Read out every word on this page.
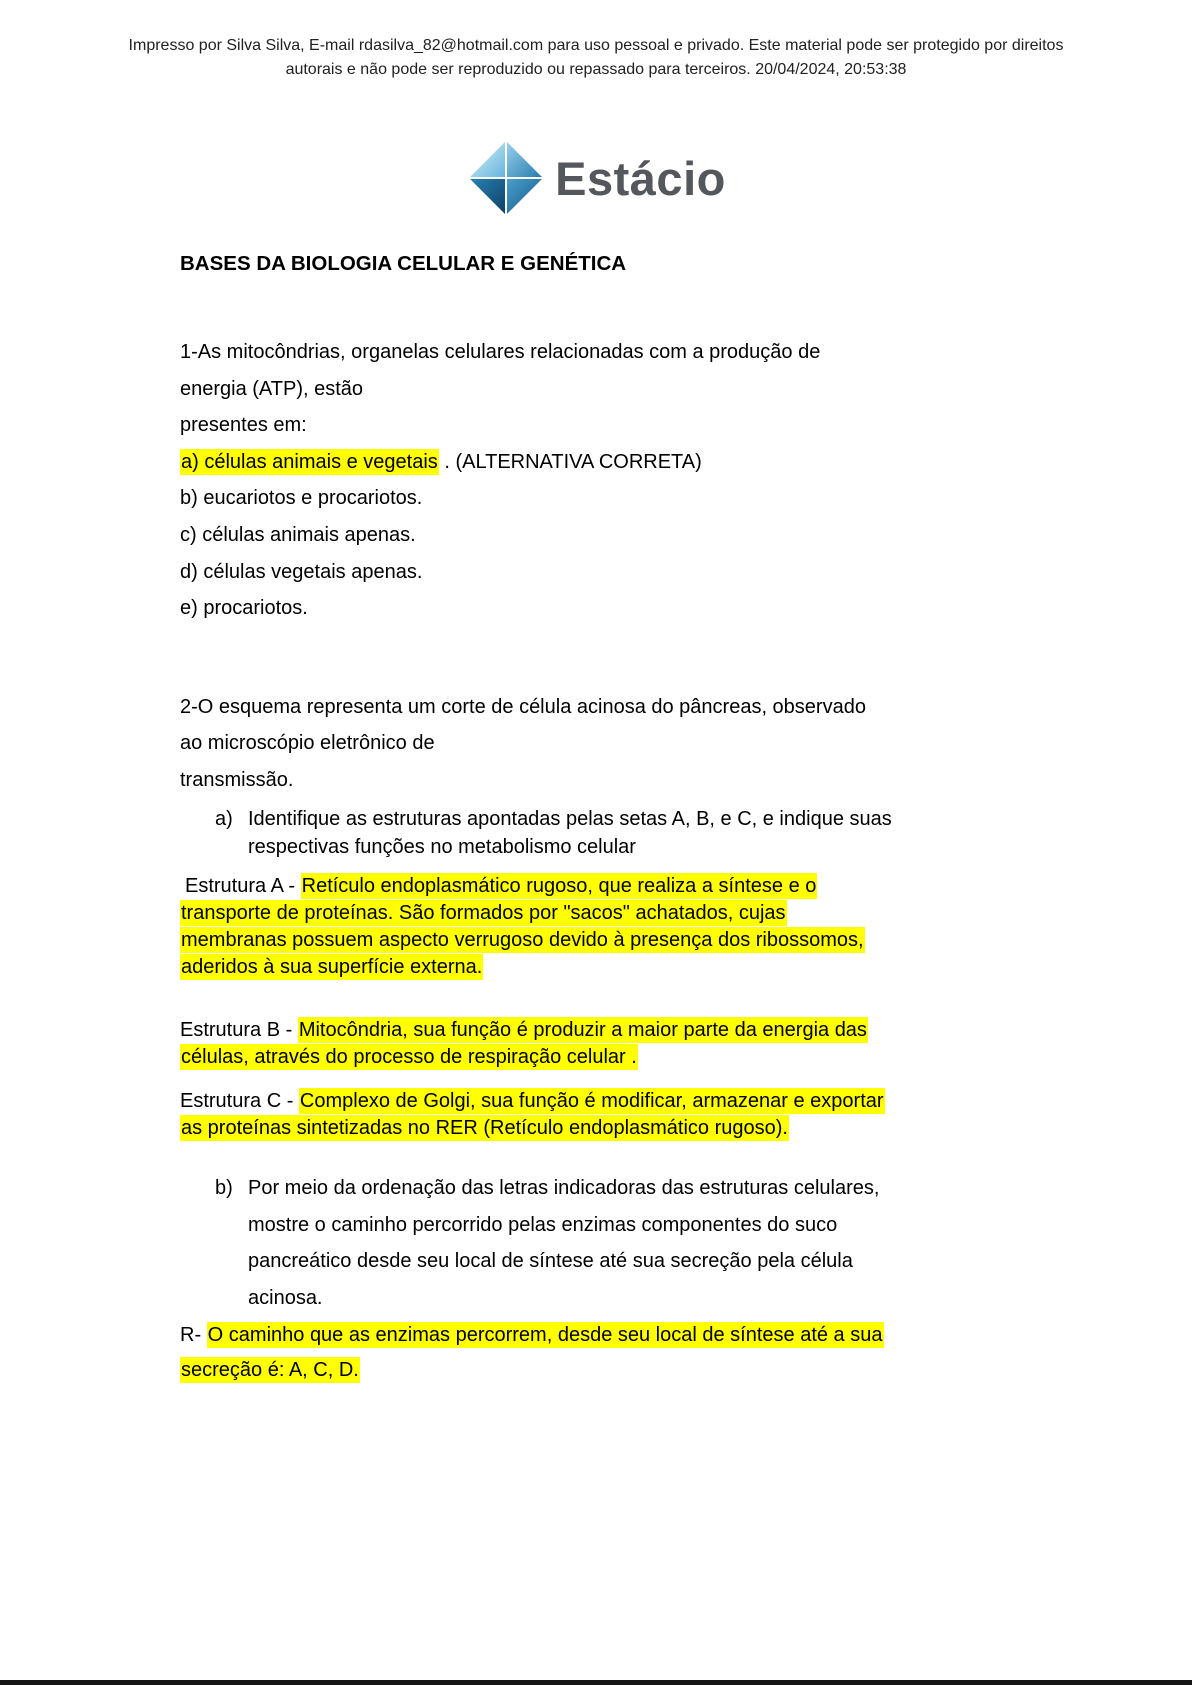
Impresso por Silva Silva, E-mail rdasilva_82@hotmail.com para uso pessoal e privado. Este material pode ser protegido por direitos
autorais e não pode ser reproduzido ou repassado para terceiros. 20/04/2024, 20:53:38
Estácio
BASES DA BIOLOGIA CELULAR E GENÉTICA
1-As mitocôndrias, organelas celulares relacionadas com a produção de
energia (ATP), estão
presentes em:
a) células animais e vegetais . (ALTERNATIVA CORRETA)
b) eucariotos e procariotos.
c) células animais apenas.
d) células vegetais apenas.
e) procariotos.
2-O esquema representa um corte de célula acinosa do pâncreas, observado
ao microscópio eletrônico de
transmissão.
a) Identifique as estruturas apontadas pelas setas A, B, e C, e indique suas
respectivas funções no metabolismo celular
Estrutura A - Retículo endoplasmático rugoso, que realiza a síntese e o
transporte de proteínas. São formados por "sacos" achatados, cujas
membranas possuem aspecto verrugoso devido à presença dos ribossomos,
aderidos à sua superfície externa.
Estrutura B - Mitocôndria, sua função é produzir a maior parte da energia das
células, através do processo de respiração celular .
Estrutura C - Complexo de Golgi, sua função é modificar, armazenar e exportar
as proteínas sintetizadas no RER (Retículo endoplasmático rugoso).
b) Por meio da ordenação das letras indicadoras das estruturas celulares,
mostre o caminho percorrido pelas enzimas componentes do suco
pancreático desde seu local de síntese até sua secreção pela célula
acinosa.
R- O caminho que as enzimas percorrem, desde seu local de síntese até a sua
secreção é: A, C, D.
